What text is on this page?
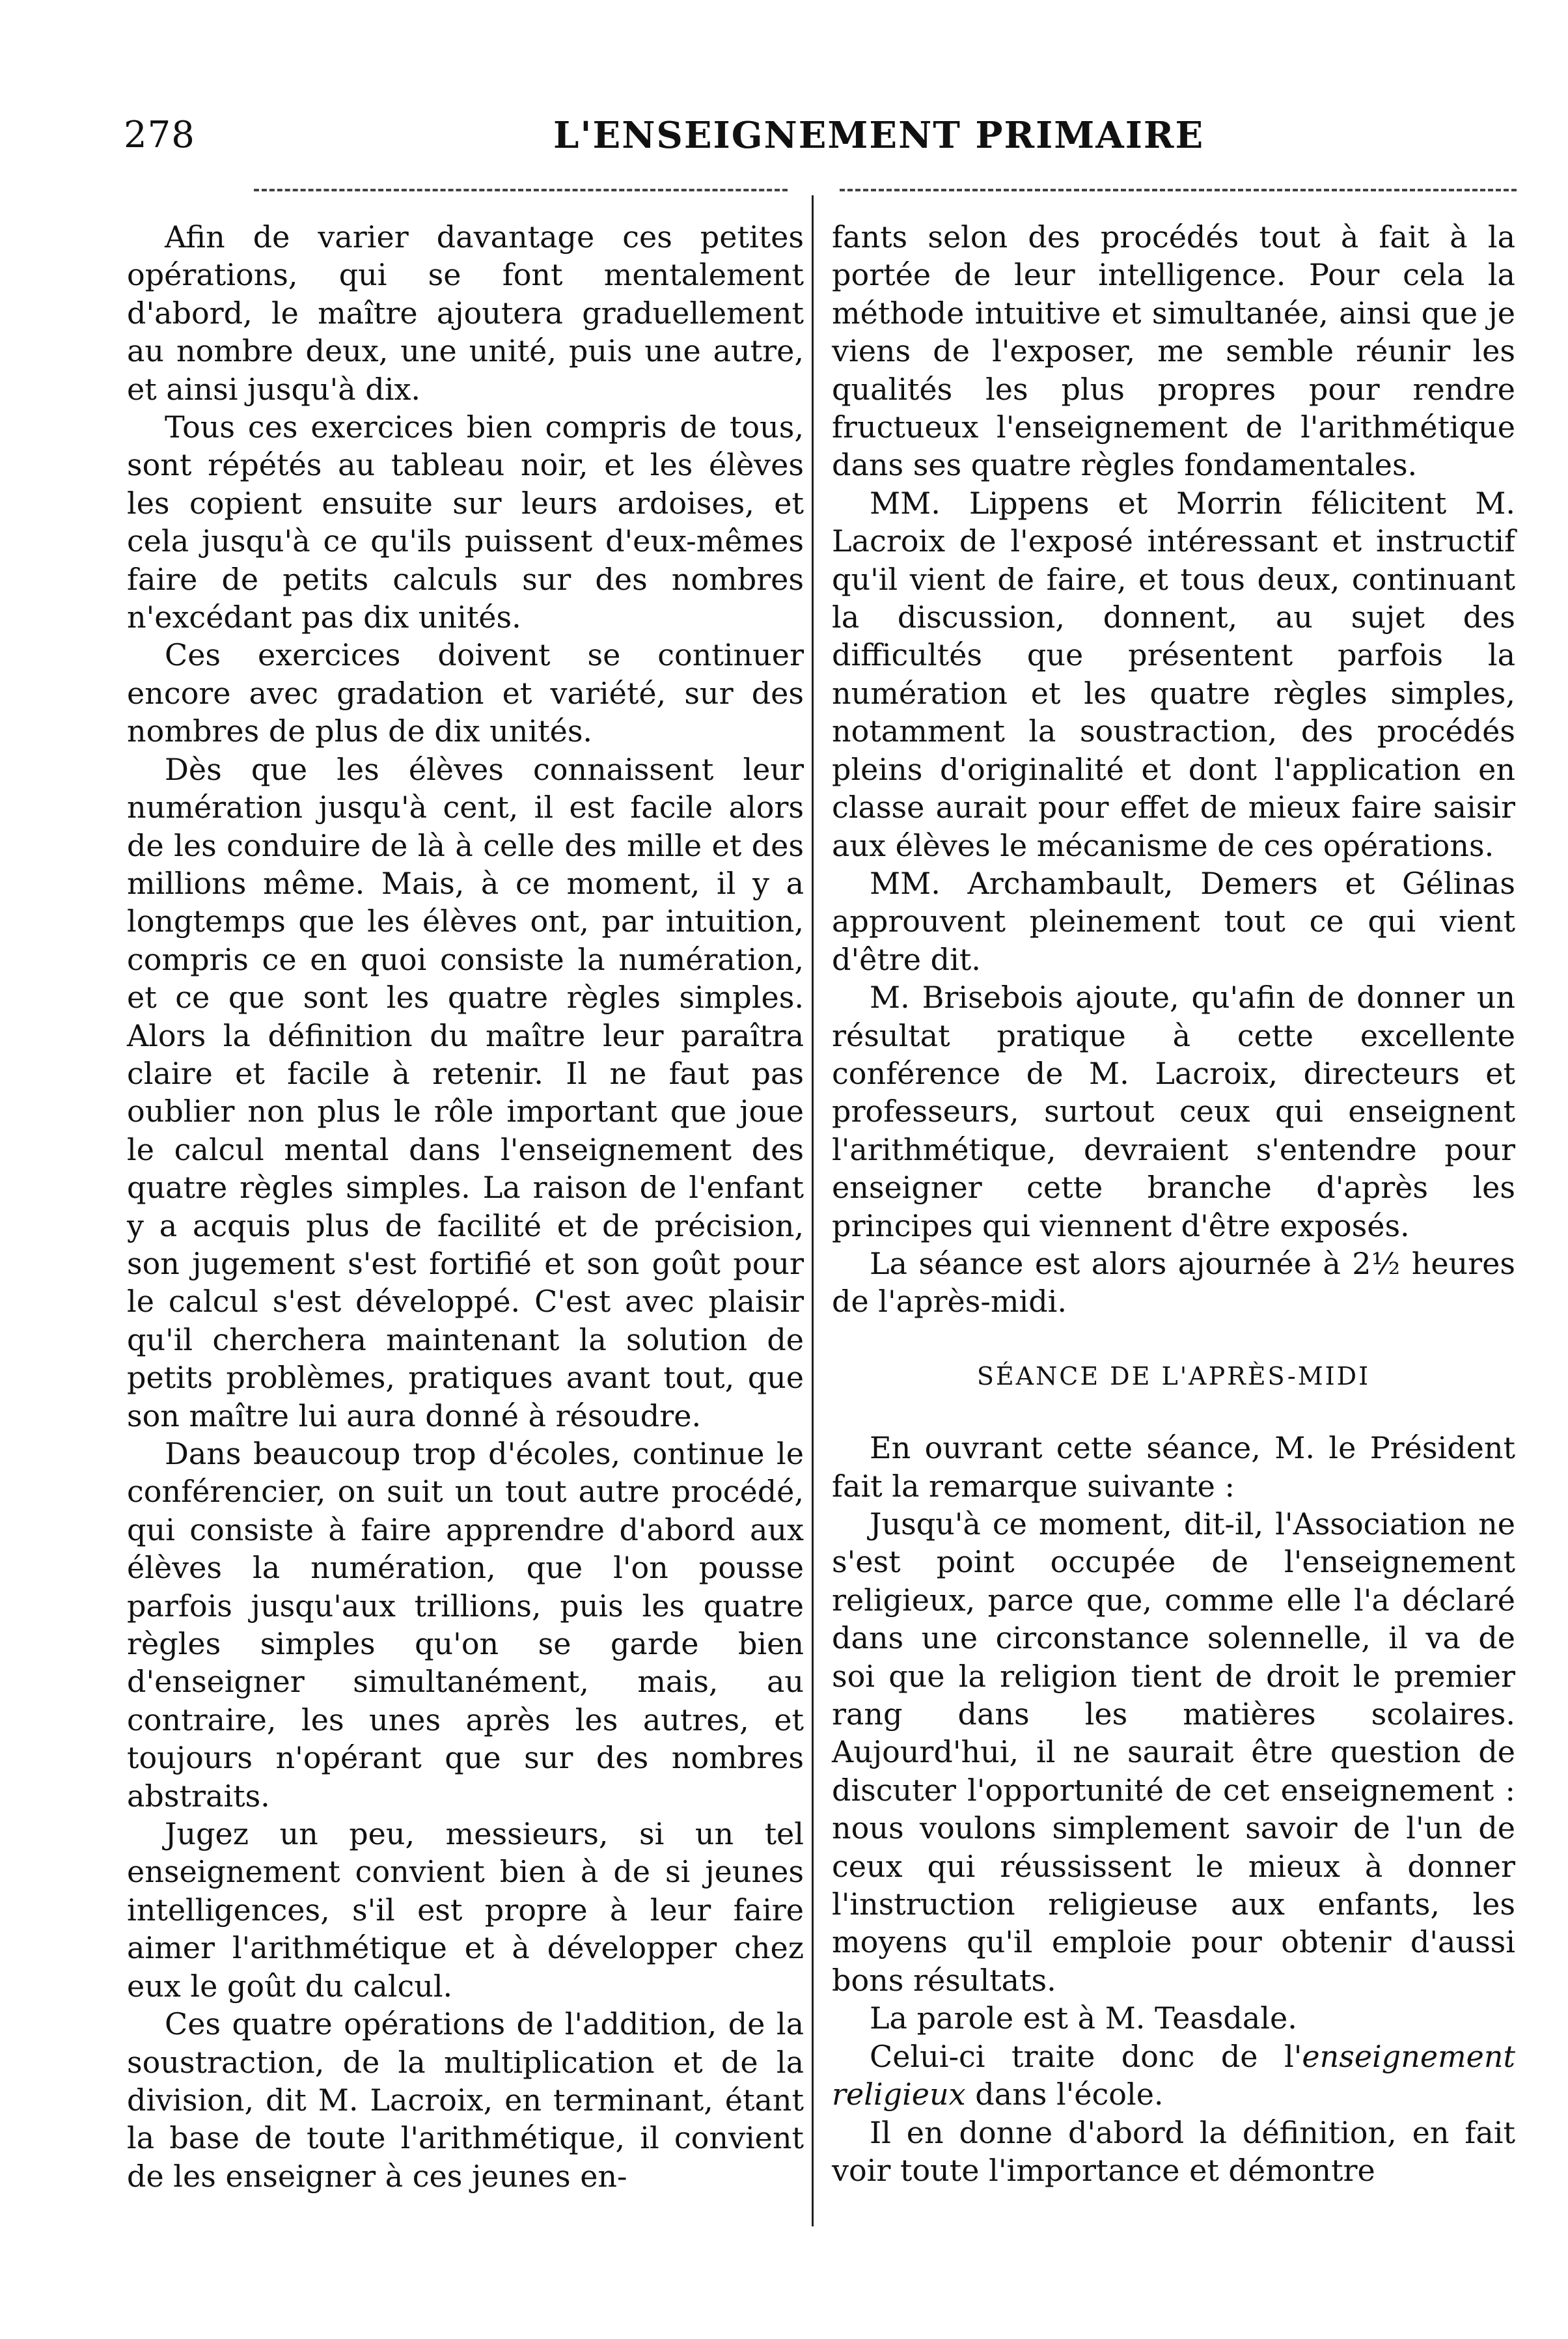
278	L'ENSEIGNEMENT PRIMAIRE

Afin de varier davantage ces petites opérations, qui se font mentalement d'abord, le maître ajoutera graduellement au nombre deux, une unité, puis une autre, et ainsi jusqu'à dix.

Tous ces exercices bien compris de tous, sont répétés au tableau noir, et les élèves les copient ensuite sur leurs ardoises, et cela jusqu'à ce qu'ils puissent d'eux-mêmes faire de petits calculs sur des nombres n'excédant pas dix unités.

Ces exercices doivent se continuer encore avec gradation et variété, sur des nombres de plus de dix unités.

Dès que les élèves connaissent leur numération jusqu'à cent, il est facile alors de les conduire de là à celle des mille et des millions même. Mais, à ce moment, il y a longtemps que les élèves ont, par intuition, compris ce en quoi consiste la numération, et ce que sont les quatre règles simples. Alors la définition du maître leur paraîtra claire et facile à retenir. Il ne faut pas oublier non plus le rôle important que joue le calcul mental dans l'enseignement des quatre règles simples. La raison de l'enfant y a acquis plus de facilité et de précision, son jugement s'est fortifié et son goût pour le calcul s'est développé. C'est avec plaisir qu'il cherchera maintenant la solution de petits problèmes, pratiques avant tout, que son maître lui aura donné à résoudre.

Dans beaucoup trop d'écoles, continue le conférencier, on suit un tout autre procédé, qui consiste à faire apprendre d'abord aux élèves la numération, que l'on pousse parfois jusqu'aux trillions, puis les quatre règles simples qu'on se garde bien d'enseigner simultanément, mais, au contraire, les unes après les autres, et toujours n'opérant que sur des nombres abstraits.

Jugez un peu, messieurs, si un tel enseignement convient bien à de si jeunes intelligences, s'il est propre à leur faire aimer l'arithmétique et à développer chez eux le goût du calcul.

Ces quatre opérations de l'addition, de la soustraction, de la multiplication et de la division, dit M. Lacroix, en terminant, étant la base de toute l'arithmétique, il convient de les enseigner à ces jeunes en-

fants selon des procédés tout à fait à la portée de leur intelligence. Pour cela la méthode intuitive et simultanée, ainsi que je viens de l'exposer, me semble réunir les qualités les plus propres pour rendre fructueux l'enseignement de l'arithmétique dans ses quatre règles fondamentales.

MM. Lippens et Morrin félicitent M. Lacroix de l'exposé intéressant et instructif qu'il vient de faire, et tous deux, continuant la discussion, donnent, au sujet des difficultés que présentent parfois la numération et les quatre règles simples, notamment la soustraction, des procédés pleins d'originalité et dont l'application en classe aurait pour effet de mieux faire saisir aux élèves le mécanisme de ces opérations.

MM. Archambault, Demers et Gélinas approuvent pleinement tout ce qui vient d'être dit.

M. Brisebois ajoute, qu'afin de donner un résultat pratique à cette excellente conférence de M. Lacroix, directeurs et professeurs, surtout ceux qui enseignent l'arithmétique, devraient s'entendre pour enseigner cette branche d'après les principes qui viennent d'être exposés.

La séance est alors ajournée à 2½ heures de l'après-midi.

SÉANCE DE L'APRÈS-MIDI

En ouvrant cette séance, M. le Président fait la remarque suivante :

Jusqu'à ce moment, dit-il, l'Association ne s'est point occupée de l'enseignement religieux, parce que, comme elle l'a déclaré dans une circonstance solennelle, il va de soi que la religion tient de droit le premier rang dans les matières scolaires. Aujourd'hui, il ne saurait être question de discuter l'opportunité de cet enseignement : nous voulons simplement savoir de l'un de ceux qui réussissent le mieux à donner l'instruction religieuse aux enfants, les moyens qu'il emploie pour obtenir d'aussi bons résultats.

La parole est à M. Teasdale.

Celui-ci traite donc de l'enseignement religieux dans l'école.

Il en donne d'abord la définition, en fait voir toute l'importance et démontre
